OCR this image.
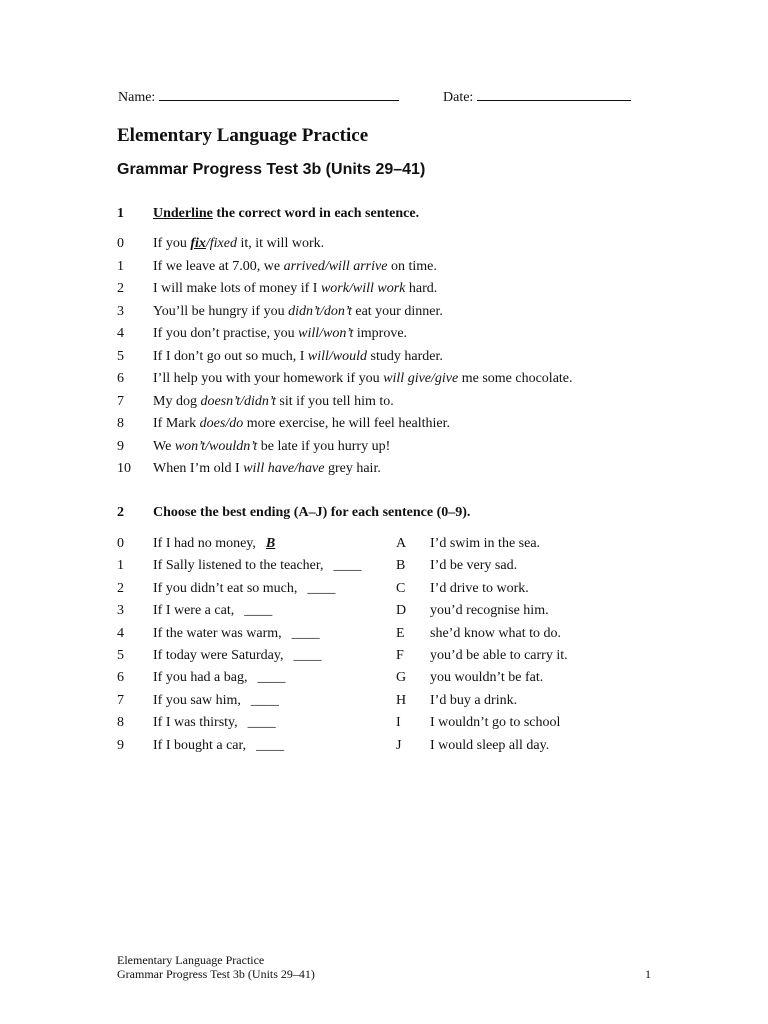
Name:	Date:
Elementary Language Practice
Grammar Progress Test 3b (Units 29–41)
1 Underline the correct word in each sentence.
0 If you fix/fixed it, it will work.
1 If we leave at 7.00, we arrived/will arrive on time.
2 I will make lots of money if I work/will work hard.
3 You’ll be hungry if you didn’t/don’t eat your dinner.
4 If you don’t practise, you will/won’t improve.
5 If I don’t go out so much, I will/would study harder.
6 I’ll help you with your homework if you will give/give me some chocolate.
7 My dog doesn’t/didn’t sit if you tell him to.
8 If Mark does/do more exercise, he will feel healthier.
9 We won’t/wouldn’t be late if you hurry up!
10 When I’m old I will have/have grey hair.
2 Choose the best ending (A–J) for each sentence (0–9).
0 If I had no money, B	A I’d swim in the sea.
1 If Sally listened to the teacher, ____ B I’d be very sad.
2 If you didn’t eat so much, ____	C I’d drive to work.
3 If I were a cat, ____	D you’d recognise him.
4 If the water was warm, ____	E she’d know what to do.
5 If today were Saturday, ____	F you’d be able to carry it.
6 If you had a bag, ____	G you wouldn’t be fat.
7 If you saw him, ____	H I’d buy a drink.
8 If I was thirsty, ____	I I wouldn’t go to school
9 If I bought a car, ____	J I would sleep all day.
Elementary Language Practice
Grammar Progress Test 3b (Units 29–41)	1
